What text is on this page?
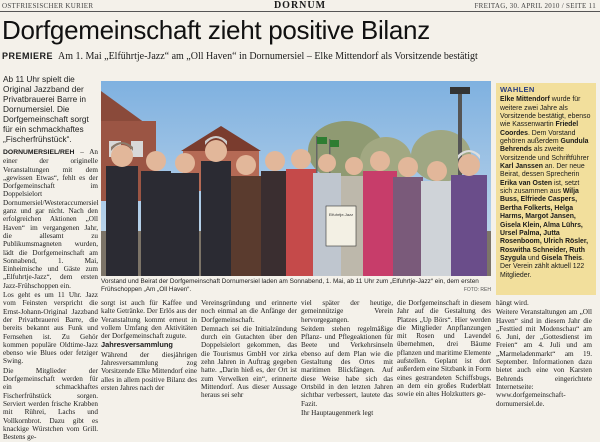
OSTFRIESISCHER KURIER	DORNUM	FREITAG, 30. APRIL 2010 / SEITE 11
Dorfgemeinschaft zieht positive Bilanz
PREMIERE Am 1. Mai „Elführtje-Jazz“ am „Oll Haven“ in Dornumersiel – Elke Mittendorf als Vorsitzende bestätigt
Ab 11 Uhr spielt die Original Jazzband der Privatbrauerei Barre in Dornumersiel. Die Dorfgemeinschaft sorgt für ein schmackhaftes „Fischerfrühstück“.
DORNUMERSIEL/REH – An einer der originelle Veranstaltungen mit dem „gewissen Etwas“, fehlt es der Dorfgemeinschaft im Doppelsielort Dornumersiel/Westeraccumersiel ganz und gar nicht. Nach den erfolgreichen Aktionen „Oll Haven“ im vergangenen Jahr, die allesamt zu Publikumsmagneten wurden, lädt die Dorfgemeinschaft am Sonnabend, 1. Mai, Einheimische und Gäste zum „Elfuhrtje-Jazz“, dem ersten Jazz-Frühschoppen ein.
Los geht es um 11 Uhr. Jazz vom Feinsten verspricht die Ernst-Johann-Original Jazzband der Privatbrauerei Barre, die bereits bekannt aus Funk und Fernsehen ist. Zu Gehör kommen populäre Oldtime-Jazz ebenso wie Blues oder fetziger Swing.
Die Mitglieder der Dorfgemeinschaft werden für ein schmackhaftes Fischerfrühstück sorgen. Serviert werden frische Krabben mit Rührei, Lachs und Vollkornbrot. Dazu gibt es knackige Würstchen vom Grill. Bestens ge-
Elfuhrtje-Jazz
Vorstand und Beirat der Dorfgemeinschaft Dornumersiel laden am Sonnabend, 1. Mai, ab 11 Uhr zum „Elfuhrtje-Jazz“ ein, dem ersten Frühschoppen „Am „Oll Haven“.	FOTO: REH
sorgt ist auch für Kaffee und kalte Getränke. Der Erlös aus der Veranstaltung kommt erneut in vollem Umfang den Aktivitäten der Dorfgemeinschaft zugute.
Jahresversammlung
Während der diesjährigen Jahresversammlung zog Vorsitzende Elke Mittendorf eine alles in allem positive Bilanz des ersten Jahres nach der
Vereinsgründung und erinnerte noch einmal an die Anfänge der Dorfgemeinschaft.
Demnach sei die Initialzündung durch ein Gutachten über den Doppelsielort gekommen, das die Tourismus GmbH vor zirka zehn Jahren in Auftrag gegeben hatte. „Darin hieß es, der Ort ist zum Verwelken ein“, erinnerte Mittendorf. Aus dieser Aussage heraus sei sehr
viel später der heutige, gemeinnützige Verein hervorgegangen.
Seitdem stehen regelmäßige Pflanz- und Pflegeaktionen für Beete und Verkehrsinseln ebenso auf dem Plan wie die Gestaltung des Ortes mit maritimen Blickfängen. Auf diese Weise habe sich das Ortsbild in den letzten Jahren sichtbar verbessert, lautete das Fazit.
Ihr Hauptaugenmerk legt
die Dorfgemeinschaft in diesem Jahr auf die Gestaltung des Platzes „Up Börs“. Hier werden die Mitglieder Anpflanzungen mit Rosen und Lavendel übernehmen, drei Bäume pflanzen und maritime Elemente aufstellen. Geplant ist dort außerdem eine Sitzbank in Form eines gestrandeten Schiffsbugs, an dem ein großes Ruderblatt sowie ein altes Holzkutters ge-
hängt wird.
Weitere Veranstaltungen am „Oll Haven“ sind in diesem Jahr die „Festtied mit Modenschau“ am 6. Juni, der „Gottesdienst im Freien“ am 4. Juli und am „Marmeladenmarkt“ am 19. September. Informationen dazu bietet auch eine von Karsten Behrends eingerichtete Internetseite: www.dorfgemeinschaft-dornumersiel.de.
WAHLEN
Elke Mittendorf wurde für weitere zwei Jahre als Vorsitzende bestätigt, ebenso wie Kassenwartin Friedel Coordes. Dem Vorstand gehören außerdem Gundula Behrends als zweite Vorsitzende und Schriftführer Karl Janssen an. Der neue Beirat, dessen Sprecherin Erika van Osten ist, setzt sich zusammen aus Wilja Buss, Elfriede Caspers, Bertha Folkerts, Helga Harms, Margot Jansen, Gisela Klein, Alma Lührs, Ursel Palma, Jutta Rosenboom, Ulrich Rösler, Roswitha Schneider, Ruth Szygula und Gisela Theis. Der Verein zählt aktuell 122 Mitglieder.
